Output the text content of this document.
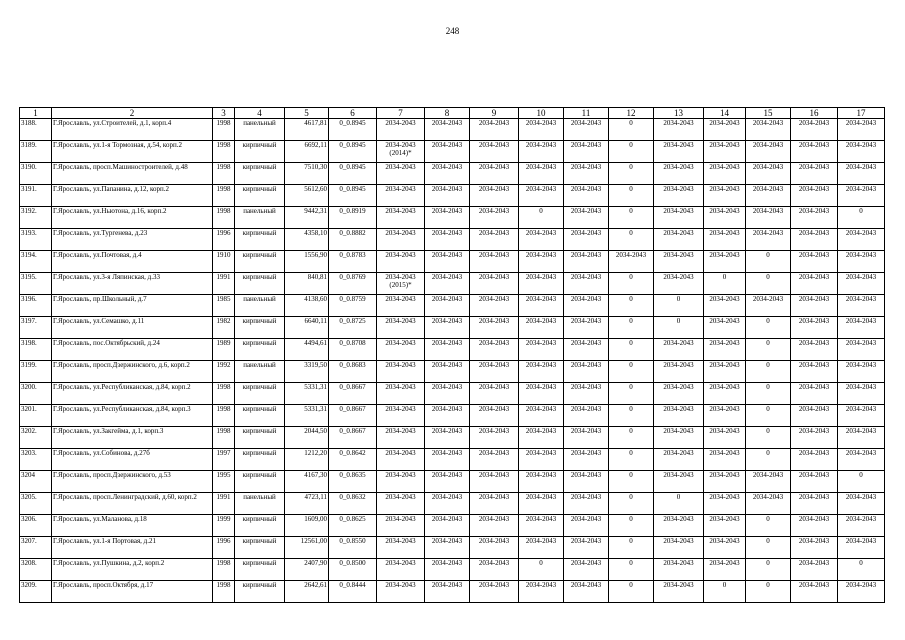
248
1	2	3	4	5	6	7	8	9	10	11	12	13	14	15	16	17
3188.	Г.Ярославль, ул.Строителей, д.1, корп.4	1998	панельный	4617,81	0_0.8945	2034-2043	2034-2043	2034-2043	2034-2043	2034-2043	0	2034-2043	2034-2043	2034-2043	2034-2043	2034-2043
3189.	Г.Ярославль, ул.1-я Тормозная, д.54, корп.2	1998	кирпичный	6692,11	0_0.8945	2034-2043 (2014)*	2034-2043	2034-2043	2034-2043	2034-2043	0	2034-2043	2034-2043	2034-2043	2034-2043	2034-2043
3190.	Г.Ярославль, просп.Машиностроителей, д.48	1998	кирпичный	7510,30	0_0.8945	2034-2043	2034-2043	2034-2043	2034-2043	2034-2043	0	2034-2043	2034-2043	2034-2043	2034-2043	2034-2043
3191.	Г.Ярославль, ул.Папанина, д.12, корп.2	1998	кирпичный	5612,60	0_0.8945	2034-2043	2034-2043	2034-2043	2034-2043	2034-2043	0	2034-2043	2034-2043	2034-2043	2034-2043	2034-2043
3192.	Г.Ярославль, ул.Ньютона, д.16, корп.2	1998	панельный	9442,31	0_0.8919	2034-2043	2034-2043	2034-2043	0	2034-2043	0	2034-2043	2034-2043	2034-2043	2034-2043	0
3193.	Г.Ярославль, ул.Тургенева, д.23	1996	кирпичный	4358,10	0_0.8882	2034-2043	2034-2043	2034-2043	2034-2043	2034-2043	0	2034-2043	2034-2043	2034-2043	2034-2043	2034-2043
3194.	Г.Ярославль, ул.Почтовая, д.4	1910	кирпичный	1556,90	0_0.8783	2034-2043	2034-2043	2034-2043	2034-2043	2034-2043	2034-2043	2034-2043	2034-2043	0	2034-2043	2034-2043
3195.	Г.Ярославль, ул.3-я Ляпинская, д.33	1991	кирпичный	840,81	0_0.8769	2034-2043 (2015)*	2034-2043	2034-2043	2034-2043	2034-2043	0	2034-2043	0	0	2034-2043	2034-2043
3196.	Г.Ярославль, пр.Школьный, д.7	1985	панельный	4138,60	0_0.8759	2034-2043	2034-2043	2034-2043	2034-2043	2034-2043	0	0	2034-2043	2034-2043	2034-2043	2034-2043
3197.	Г.Ярославль, ул.Семашко, д.11	1982	кирпичный	6640,11	0_0.8725	2034-2043	2034-2043	2034-2043	2034-2043	2034-2043	0	0	2034-2043	0	2034-2043	2034-2043
3198.	Г.Ярославль, пос.Октябрьский, д.24	1989	кирпичный	4494,61	0_0.8708	2034-2043	2034-2043	2034-2043	2034-2043	2034-2043	0	2034-2043	2034-2043	0	2034-2043	2034-2043
3199.	Г.Ярославль, просп.Дзержинского, д.6, корп.2	1992	панельный	3319,50	0_0.8683	2034-2043	2034-2043	2034-2043	2034-2043	2034-2043	0	2034-2043	2034-2043	0	2034-2043	2034-2043
3200.	Г.Ярославль, ул.Республиканская, д.84, корп.2	1998	кирпичный	5331,31	0_0.8667	2034-2043	2034-2043	2034-2043	2034-2043	2034-2043	0	2034-2043	2034-2043	0	2034-2043	2034-2043
3201.	Г.Ярославль, ул.Республиканская, д.84, корп.3	1998	кирпичный	5331,31	0_0.8667	2034-2043	2034-2043	2034-2043	2034-2043	2034-2043	0	2034-2043	2034-2043	0	2034-2043	2034-2043
3202.	Г.Ярославль, ул.Закгейма, д.1, корп.3	1998	кирпичный	2044,50	0_0.8667	2034-2043	2034-2043	2034-2043	2034-2043	2034-2043	0	2034-2043	2034-2043	0	2034-2043	2034-2043
3203.	Г.Ярославль, ул.Собинова, д.27б	1997	кирпичный	1212,20	0_0.8642	2034-2043	2034-2043	2034-2043	2034-2043	2034-2043	0	2034-2043	2034-2043	0	2034-2043	2034-2043
3204	Г.Ярославль, просп.Дзержинского, д.53	1995	кирпичный	4167,30	0_0.8635	2034-2043	2034-2043	2034-2043	2034-2043	2034-2043	0	2034-2043	2034-2043	2034-2043	2034-2043	0
3205.	Г.Ярославль, просп.Ленинградский, д.60, корп.2	1991	панельный	4723,11	0_0.8632	2034-2043	2034-2043	2034-2043	2034-2043	2034-2043	0	0	2034-2043	2034-2043	2034-2043	2034-2043
3206.	Г.Ярославль, ул.Маланова, д.18	1999	кирпичный	1609,00	0_0.8625	2034-2043	2034-2043	2034-2043	2034-2043	2034-2043	0	2034-2043	2034-2043	0	2034-2043	2034-2043
3207.	Г.Ярославль, ул.1-я Портовая, д.21	1996	кирпичный	12561,00	0_0.8550	2034-2043	2034-2043	2034-2043	2034-2043	2034-2043	0	2034-2043	2034-2043	0	2034-2043	2034-2043
3208.	Г.Ярославль, ул.Пушкина, д.2, корп.2	1998	кирпичный	2407,90	0_0.8500	2034-2043	2034-2043	2034-2043	0	2034-2043	0	2034-2043	2034-2043	0	2034-2043	0
3209.	Г.Ярославль, просп.Октября, д.17	1998	кирпичный	2642,61	0_0.8444	2034-2043	2034-2043	2034-2043	2034-2043	2034-2043	0	2034-2043	0	0	2034-2043	2034-2043
